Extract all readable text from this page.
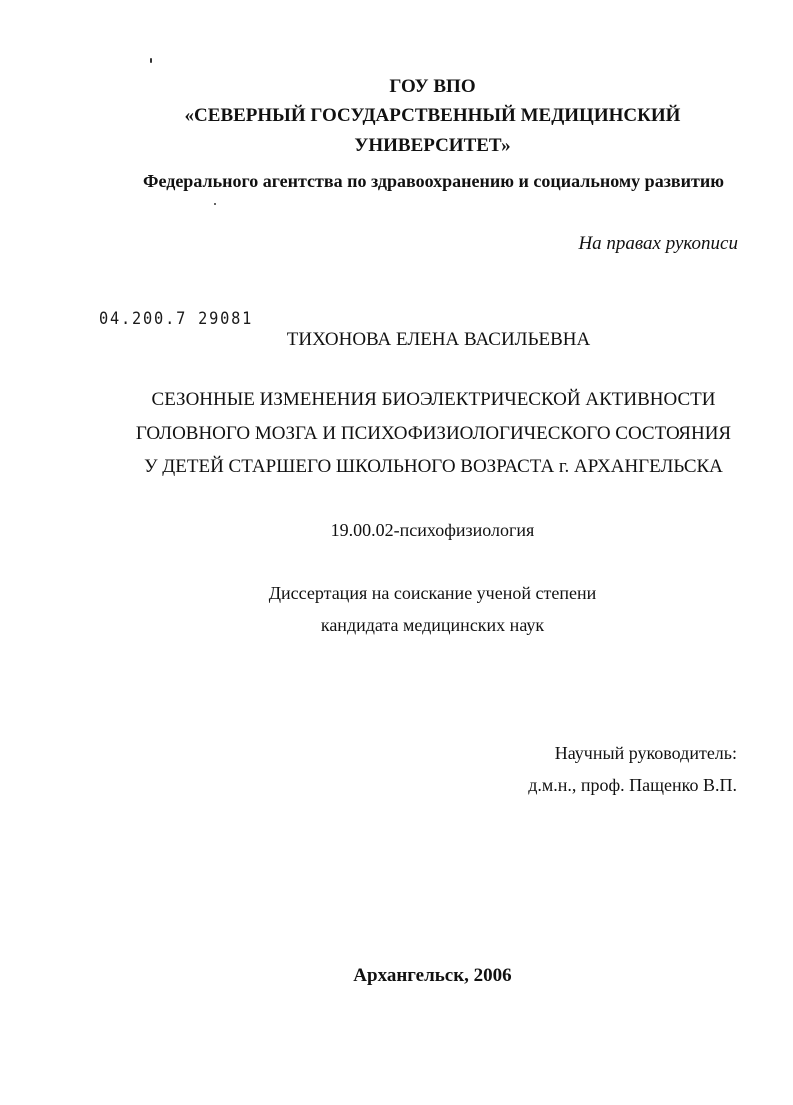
ГОУ ВПО
«СЕВЕРНЫЙ ГОСУДАРСТВЕННЫЙ МЕДИЦИНСКИЙ
УНИВЕРСИТЕТ»
Федерального агентства по здравоохранению и социальному развитию
На правах рукописи
04.200.7 29081
ТИХОНОВА ЕЛЕНА ВАСИЛЬЕВНА
СЕЗОННЫЕ ИЗМЕНЕНИЯ БИОЭЛЕКТРИЧЕСКОЙ АКТИВНОСТИ
ГОЛОВНОГО МОЗГА И ПСИХОФИЗИОЛОГИЧЕСКОГО СОСТОЯНИЯ
У ДЕТЕЙ СТАРШЕГО ШКОЛЬНОГО ВОЗРАСТА г. АРХАНГЕЛЬСКА
19.00.02-психофизиология
Диссертация на соискание ученой степени
кандидата медицинских наук
Научный руководитель:
д.м.н., проф. Пащенко В.П.
Архангельск, 2006
